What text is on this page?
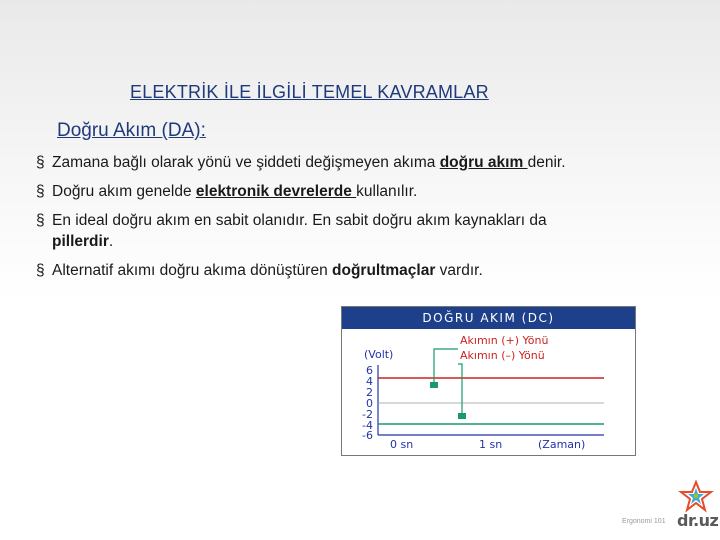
ELEKTRİK İLE İLGİLİ TEMEL KAVRAMLAR
Doğru Akım (DA):
§ Zamana bağlı olarak yönü ve şiddeti değişmeyen akıma doğru akım denir.
§ Doğru akım genelde elektronik devrelerde kullanılır.
§ En ideal doğru akım en sabit olanıdır. En sabit doğru akım kaynakları da
pillerdir.
§ Alternatif akımı doğru akıma dönüştüren doğrultmaçlar vardır.
DOĞRU AKIM (DC)
Akımın (+) Yönü
Akımın (–) Yönü
(Volt)
6
4
2
0
-2
-4
-6
0 sn	1 sn	(Zaman)
Ergonomi 101 dr.uz
